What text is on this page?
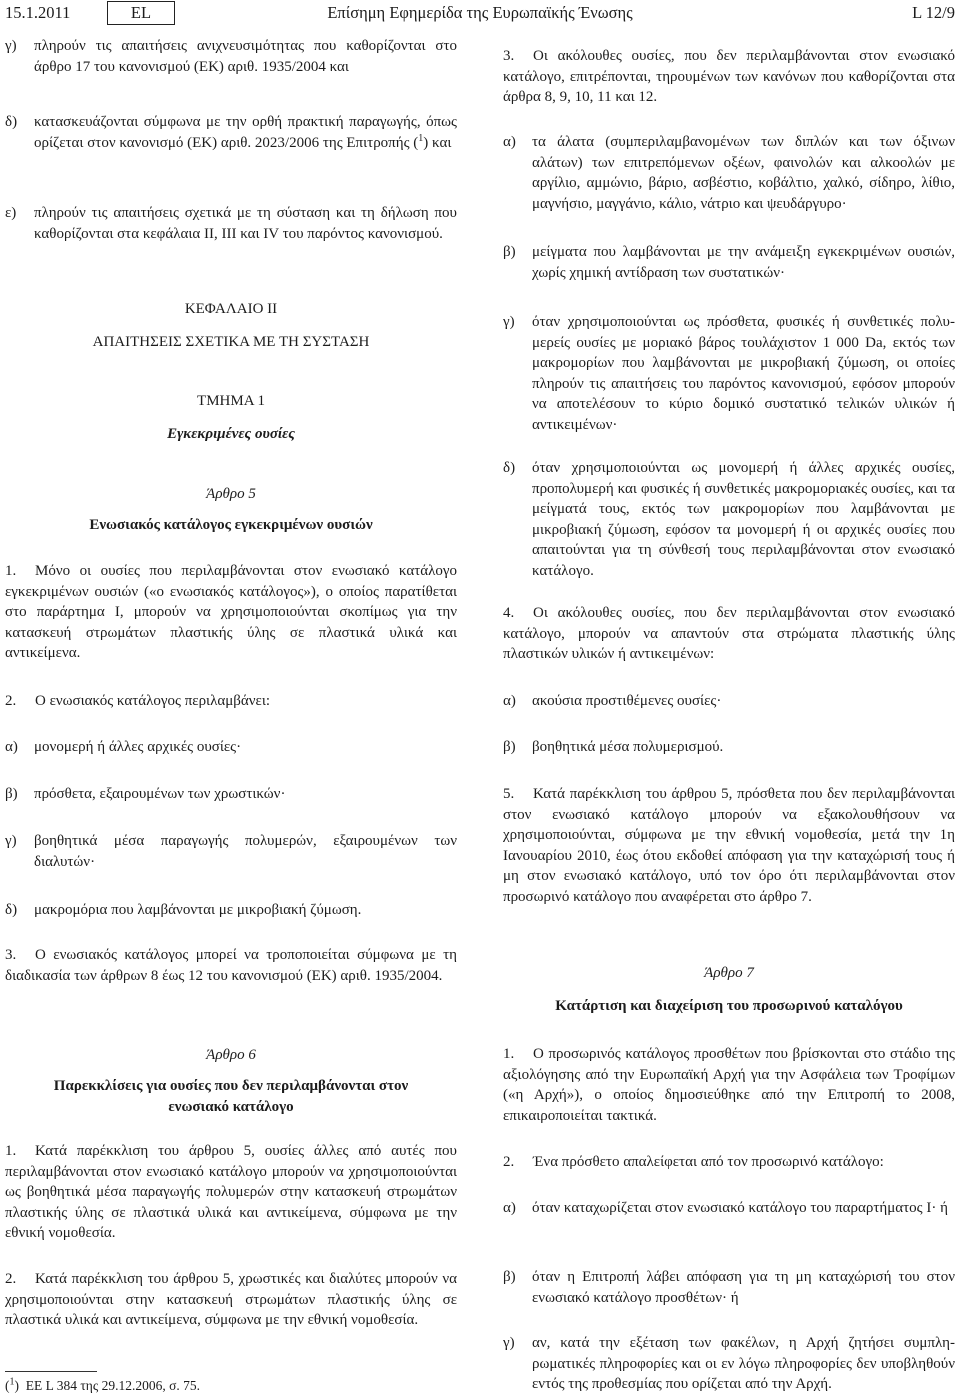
15.1.2011	EL	Επίσημη Εφημερίδα της Ευρωπαϊκής Ένωσης	L 12/9
γ)	πληρούν τις απαιτήσεις ανιχνευσιμότητας που καθορίζονται στο άρθρο 17 του κανονισμού (ΕΚ) αριθ. 1935/2004 και
δ)	κατασκευάζονται σύμφωνα με την ορθή πρακτική παραγωγής, όπως ορίζεται στον κανονισμό (ΕΚ) αριθ. 2023/2006 της Επιτροπής ($^1$) και
ε)	πληρούν τις απαιτήσεις σχετικά με τη σύσταση και τη δήλωση που καθορίζονται στα κεφάλαια II, III και IV του παρόντος κανονισμού.
ΚΕΦΑΛΑΙΟ II
ΑΠΑΙΤΗΣΕΙΣ ΣΧΕΤΙΚΑ ΜΕ ΤΗ ΣΥΣΤΑΣΗ
ΤΜΗΜΑ 1
Εγκεκριμένες ουσίες
Άρθρο 5
Ενωσιακός κατάλογος εγκεκριμένων ουσιών

1. Μόνο οι ουσίες που περιλαμβάνονται στον ενωσιακό κατάλογο εγκεκριμένων ουσιών («ο ενωσιακός κατάλογος»), ο οποίος παρατίθεται στο παράρτημα I, μπορούν να χρησιμοποιούνται σκοπίμως για την κατασκευή στρωμάτων πλαστικής ύλης σε πλαστικά υλικά και αντικείμενα.

2. Ο ενωσιακός κατάλογος περιλαμβάνει:

α)	μονομερή ή άλλες αρχικές ουσίες·
β)	πρόσθετα, εξαιρουμένων των χρωστικών·
γ)	βοηθητικά μέσα παραγωγής πολυμερών, εξαιρουμένων των διαλυτών·
δ)	μακρομόρια που λαμβάνονται με μικροβιακή ζύμωση.

3. Ο ενωσιακός κατάλογος μπορεί να τροποποιείται σύμφωνα με τη διαδικασία των άρθρων 8 έως 12 του κανονισμού (ΕΚ) αριθ. 1935/2004.

Άρθρο 6
Παρεκκλίσεις για ουσίες που δεν περιλαμβάνονται στον ενωσιακό κατάλογο

1. Κατά παρέκκλιση του άρθρου 5, ουσίες άλλες από αυτές που περιλαμβάνονται στον ενωσιακό κατάλογο μπορούν να χρησιμοποιούνται ως βοηθητικά μέσα παραγωγής πολυμερών στην κατασκευή στρωμάτων πλαστικής ύλης σε πλαστικά υλικά και αντικείμενα, σύμφωνα με την εθνική νομοθεσία.

2. Κατά παρέκκλιση του άρθρου 5, χρωστικές και διαλύτες μπορούν να χρησιμοποιούνται στην κατασκευή στρωμάτων πλαστικής ύλης σε πλαστικά υλικά και αντικείμενα, σύμφωνα με την εθνική νομοθεσία.

($^1$) ΕΕ L 384 της 29.12.2006, σ. 75.

3. Οι ακόλουθες ουσίες, που δεν περιλαμβάνονται στον ενωσιακό κατάλογο, επιτρέπονται, τηρουμένων των κανόνων που καθορίζονται στα άρθρα 8, 9, 10, 11 και 12.

α)	τα άλατα (συμπεριλαμβανομένων των διπλών και των όξινων αλάτων) των επιτρεπόμενων οξέων, φαινολών και αλκοολών με αργίλιο, αμμώνιο, βάριο, ασβέστιο, κοβάλτιο, χαλκό, σίδηρο, λίθιο, μαγνήσιο, μαγγάνιο, κάλιο, νάτριο και ψευδάργυρο·
β)	μείγματα που λαμβάνονται με την ανάμειξη εγκεκριμένων ουσιών, χωρίς χημική αντίδραση των συστατικών·
γ)	όταν χρησιμοποιούνται ως πρόσθετα, φυσικές ή συνθετικές πολυμερείς ουσίες με μοριακό βάρος τουλάχιστον 1 000 Da, εκτός των μακρομορίων που λαμβάνονται με μικροβιακή ζύμωση, οι οποίες πληρούν τις απαιτήσεις του παρόντος κανονισμού, εφόσον μπορούν να αποτελέσουν το κύριο δομικό συστατικό τελικών υλικών ή αντικειμένων·
δ)	όταν χρησιμοποιούνται ως μονομερή ή άλλες αρχικές ουσίες, προπολυμερή και φυσικές ή συνθετικές μακρομοριακές ουσίες, και τα μείγματά τους, εκτός των μακρομορίων που λαμβάνονται με μικροβιακή ζύμωση, εφόσον τα μονομερή ή οι αρχικές ουσίες που απαιτούνται για τη σύνθεσή τους περιλαμβάνονται στον ενωσιακό κατάλογο.

4. Οι ακόλουθες ουσίες, που δεν περιλαμβάνονται στον ενωσιακό κατάλογο, μπορούν να απαντούν στα στρώματα πλαστικής ύλης πλαστικών υλικών ή αντικειμένων:

α)	ακούσια προστιθέμενες ουσίες·
β)	βοηθητικά μέσα πολυμερισμού.

5. Κατά παρέκκλιση του άρθρου 5, πρόσθετα που δεν περιλαμβάνονται στον ενωσιακό κατάλογο μπορούν να εξακολουθήσουν να χρησιμοποιούνται, σύμφωνα με την εθνική νομοθεσία, μετά την 1η Ιανουαρίου 2010, έως ότου εκδοθεί απόφαση για την καταχώρισή τους ή μη στον ενωσιακό κατάλογο, υπό τον όρο ότι περιλαμβάνονται στον προσωρινό κατάλογο που αναφέρεται στο άρθρο 7.

Άρθρο 7
Κατάρτιση και διαχείριση του προσωρινού καταλόγου

1. Ο προσωρινός κατάλογος προσθέτων που βρίσκονται στο στάδιο της αξιολόγησης από την Ευρωπαϊκή Αρχή για την Ασφάλεια των Τροφίμων («η Αρχή»), ο οποίος δημοσιεύθηκε από την Επιτροπή το 2008, επικαιροποιείται τακτικά.

2. Ένα πρόσθετο απαλείφεται από τον προσωρινό κατάλογο:

α)	όταν καταχωρίζεται στον ενωσιακό κατάλογο του παραρτήματος I· ή
β)	όταν η Επιτροπή λάβει απόφαση για τη μη καταχώρισή του στον ενωσιακό κατάλογο προσθέτων· ή
γ)	αν, κατά την εξέταση των φακέλων, η Αρχή ζητήσει συμπληρωματικές πληροφορίες και οι εν λόγω πληροφορίες δεν υποβληθούν εντός της προθεσμίας που ορίζεται από την Αρχή.
